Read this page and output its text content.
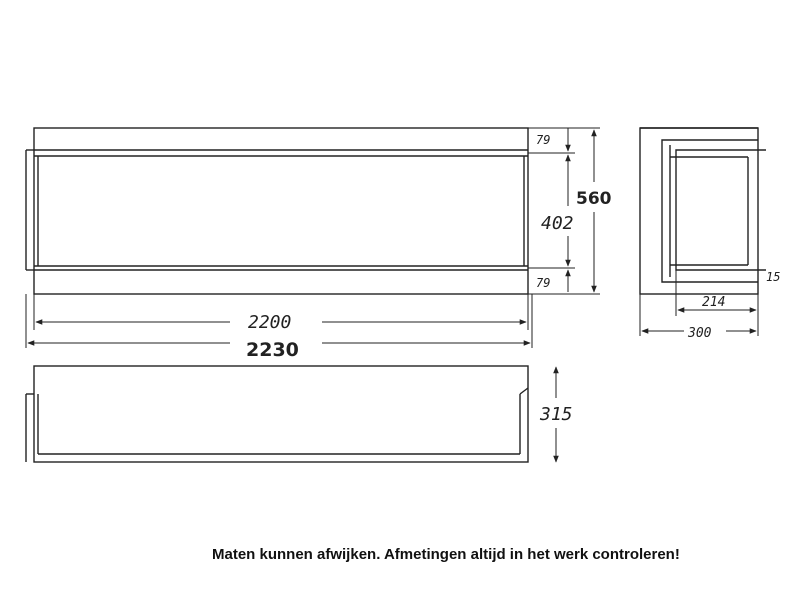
79
560
402
79
2200
2230
15
214
300
315
Maten kunnen afwijken. Afmetingen altijd in het werk controleren!
